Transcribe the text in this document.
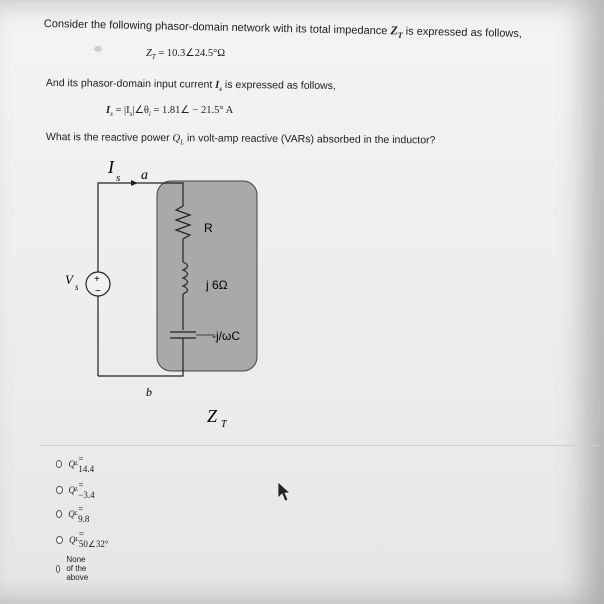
Consider the following phasor-domain network with its total impedance $Z_T$ is expressed as follows,
$Z_T$ = 10.3∠24.5°Ω
And its phasor-domain input current $I_s$ is expressed as follows,
$I_s$ = $|I_s|\angle\theta_i$ = 1.81∠ − 21.5° A
What is the reactive power $Q_L$ in volt-amp reactive (VARs) absorbed in the inductor?
+
−
I
s a
b
V s
R
j 6Ω
-j/ωC
Z T
Q L = 14.4
Q L = −3.4
Q L = 9.8
Q L
= 50∠32°
None of the above
